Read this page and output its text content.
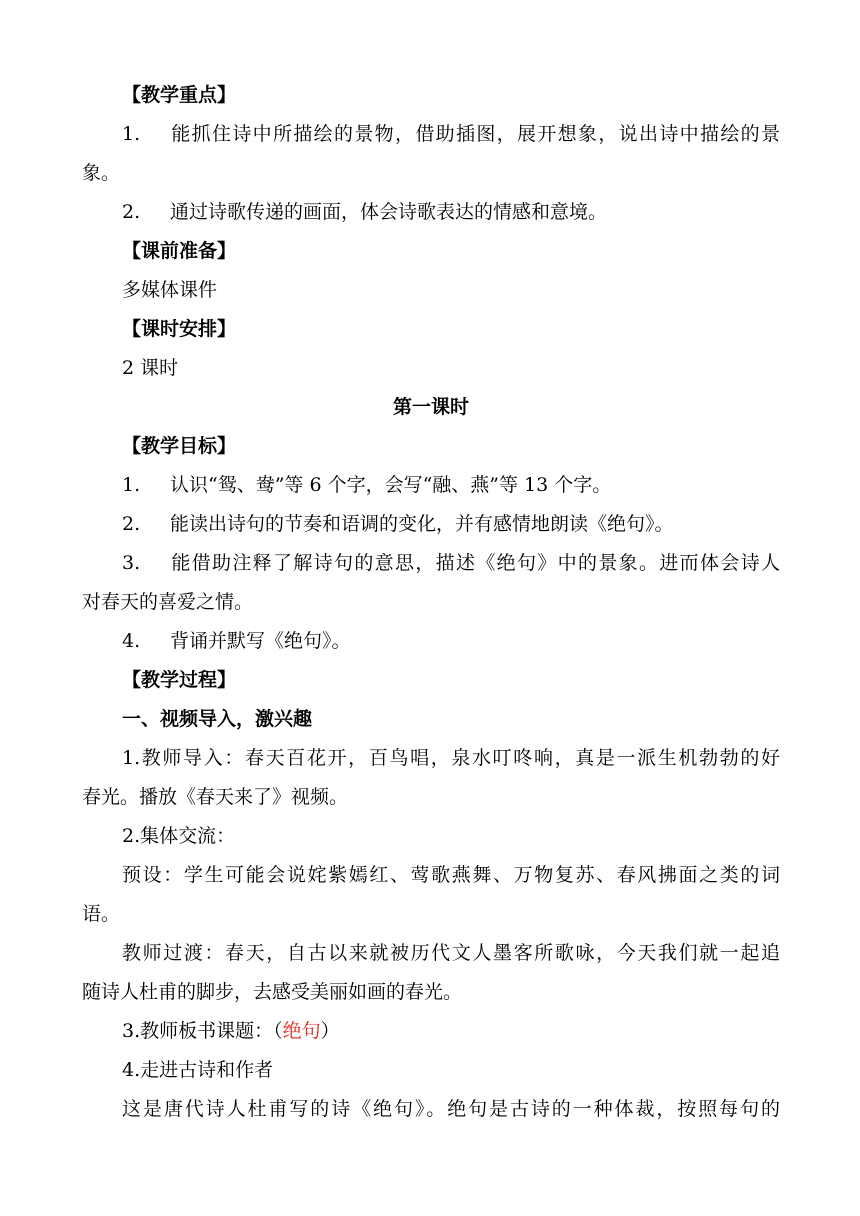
【教学重点】

1. 能抓住诗中所描绘的景物，借助插图，展开想象，说出诗中描绘的景

象。

2. 通过诗歌传递的画面，体会诗歌表达的情感和意境。

【课前准备】

多媒体课件

【课时安排】

2 课时

第一课时

【教学目标】

1. 认识“鸳、鸯”等 6 个字，会写“融、燕”等 13 个字。

2. 能读出诗句的节奏和语调的变化，并有感情地朗读《绝句》。

3. 能借助注释了解诗句的意思，描述《绝句》中的景象。进而体会诗人

对春天的喜爱之情。

4. 背诵并默写《绝句》。

【教学过程】

一、视频导入，激兴趣

1.教师导入：春天百花开，百鸟唱，泉水叮咚响，真是一派生机勃勃的好

春光。播放《春天来了》视频。

2.集体交流：

预设：学生可能会说姹紫嫣红、莺歌燕舞、万物复苏、春风拂面之类的词

语。

教师过渡：春天，自古以来就被历代文人墨客所歌咏，今天我们就一起追

随诗人杜甫的脚步，去感受美丽如画的春光。

3.教师板书课题：（绝句）

4.走进古诗和作者

这是唐代诗人杜甫写的诗《绝句》。绝句是古诗的一种体裁，按照每句的
